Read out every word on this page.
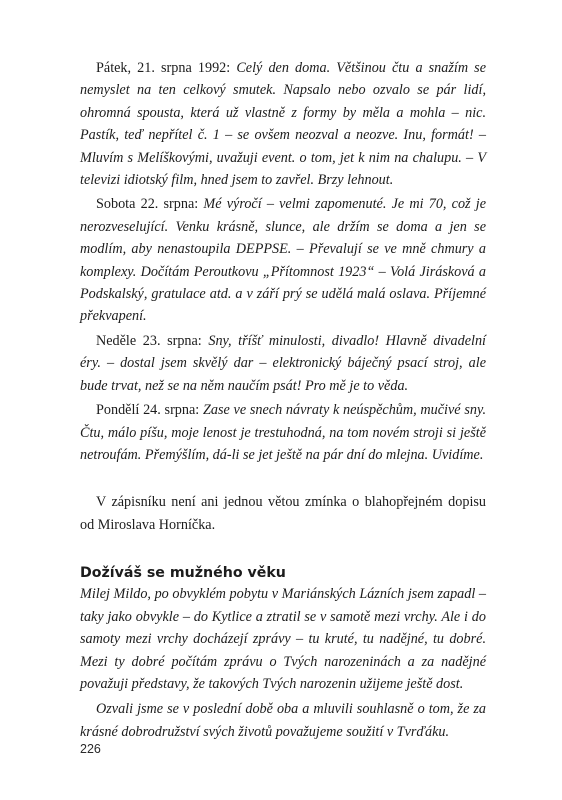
Pátek, 21. srpna 1992: Celý den doma. Většinou čtu a snažím se nemyslet na ten celkový smutek. Napsalo nebo ozvalo se pár lidí, ohromná spousta, která už vlastně z formy by měla a mohla – nic. Pastík, teď nepřítel č. 1 – se ovšem neozval a neozve. Inu, formát! – Mluvím s Melíškovými, uvažuji event. o tom, jet k nim na chalupu. – V televizi idiotský film, hned jsem to zavřel. Brzy lehnout.

Sobota 22. srpna: Mé výročí – velmi zapomenuté. Je mi 70, což je nerozveselující. Venku krásně, slunce, ale držím se doma a jen se modlím, aby nenastoupila DEPPSE. – Převalují se ve mně chmury a komplexy. Dočítám Peroutkovu „Přítomnost 1923“ – Volá Jirásková a Podskalský, gratulace atd. a v září prý se udělá malá oslava. Příjemné překvapení.

Neděle 23. srpna: Sny, tříšť minulosti, divadlo! Hlavně divadelní éry. – dostal jsem skvělý dar – elektronický báječný psací stroj, ale bude trvat, než se na něm naučím psát! Pro mě je to věda.

Pondělí 24. srpna: Zase ve snech návraty k neúspěchům, mučivé sny. Čtu, málo píšu, moje lenost je trestuhodná, na tom novém stroji si ještě netroufám. Přemýšlím, dá-li se jet ještě na pár dní do mlejna. Uvidíme.

V zápisníku není ani jednou větou zmínka o blahopřejném dopisu od Miroslava Horníčka.

Dožíváš se mužného věku

Milej Mildo, po obvyklém pobytu v Mariánských Lázních jsem zapadl – taky jako obvykle – do Kytlice a ztratil se v samotě mezi vrchy. Ale i do samoty mezi vrchy docházejí zprávy – tu kruté, tu nadějné, tu dobré. Mezi ty dobré počítám zprávu o Tvých narozeninách a za nadějné považuji představy, že takových Tvých narozenin užijeme ještě dost.

Ozvali jsme se v poslední době oba a mluvili souhlasně o tom, že za krásné dobrodružství svých životů považujeme soužití v Tvrďáku.

226
